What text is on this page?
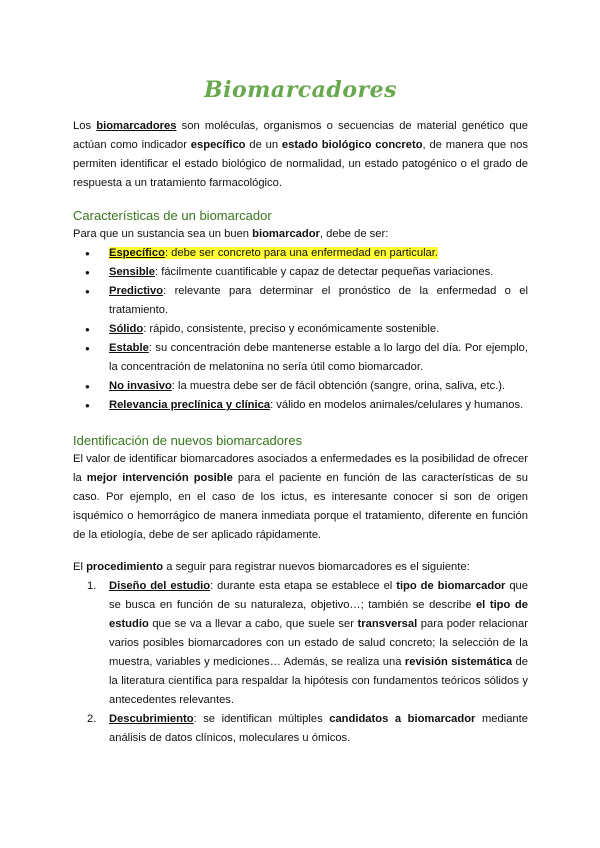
Biomarcadores

Los biomarcadores son moléculas, organismos o secuencias de material genético que actúan como indicador específico de un estado biológico concreto, de manera que nos permiten identificar el estado biológico de normalidad, un estado patogénico o el grado de respuesta a un tratamiento farmacológico.

Características de un biomarcador

Para que un sustancia sea un buen biomarcador, debe de ser:

● Específico: debe ser concreto para una enfermedad en particular.
● Sensible: fácilmente cuantificable y capaz de detectar pequeñas variaciones.
● Predictivo: relevante para determinar el pronóstico de la enfermedad o el tratamiento.
● Sólido: rápido, consistente, preciso y económicamente sostenible.
● Estable: su concentración debe mantenerse estable a lo largo del día. Por ejemplo, la concentración de melatonina no sería útil como biomarcador.
● No invasivo: la muestra debe ser de fácil obtención (sangre, orina, saliva, etc.).
● Relevancia preclínica y clínica: válido en modelos animales/celulares y humanos.
Identificación de nuevos biomarcadores

El valor de identificar biomarcadores asociados a enfermedades es la posibilidad de ofrecer la mejor intervención posible para el paciente en función de las características de su caso. Por ejemplo, en el caso de los ictus, es interesante conocer si son de origen isquémico o hemorrágico de manera inmediata porque el tratamiento, diferente en función de la etiología, debe de ser aplicado rápidamente.

El procedimiento a seguir para registrar nuevos biomarcadores es el siguiente:

1. Diseño del estudio: durante esta etapa se establece el tipo de biomarcador que se busca en función de su naturaleza, objetivo…; también se describe el tipo de estudio que se va a llevar a cabo, que suele ser transversal para poder relacionar varios posibles biomarcadores con un estado de salud concreto; la selección de la muestra, variables y mediciones… Además, se realiza una revisión sistemática de la literatura científica para respaldar la hipótesis con fundamentos teóricos sólidos y antecedentes relevantes.
2. Descubrimiento: se identifican múltiples candidatos a biomarcador mediante análisis de datos clínicos, moleculares u ómicos.
